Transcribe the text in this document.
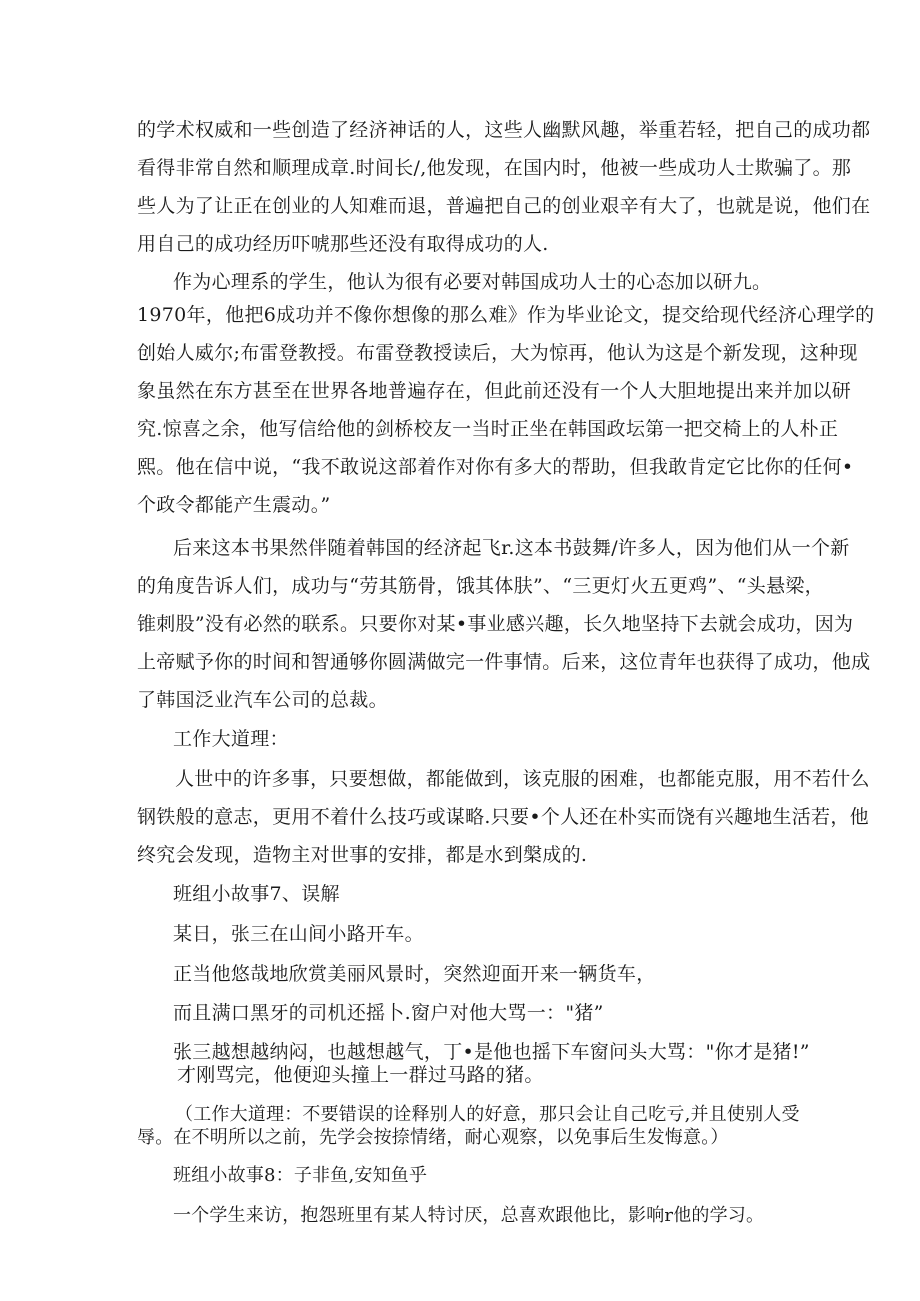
的学术权威和一些创造了经济神话的人，这些人幽默风趣，举重若轻，把自己的成功都
看得非常自然和顺理成章.时间长/,他发现，在国内时，他被一些成功人士欺骗了。那
些人为了让正在创业的人知难而退，普遍把自己的创业艰辛有大了，也就是说，他们在
用自己的成功经历吓唬那些还没有取得成功的人.
作为心理系的学生，他认为很有必要对韩国成功人士的心态加以研九。
1970年，他把6成功并不像你想像的那么难》作为毕业论文，提交给现代经济心理学的
创始人威尔;布雷登教授。布雷登教授读后，大为惊再，他认为这是个新发现，这种现
象虽然在东方甚至在世界各地普遍存在，但此前还没有一个人大胆地提出来并加以研
究.惊喜之余，他写信给他的剑桥校友一当时正坐在韩国政坛第一把交椅上的人朴正
熙。他在信中说，“我不敢说这部着作对你有多大的帮助，但我敢肯定它比你的任何•
个政令都能产生震动。”
后来这本书果然伴随着韩国的经济起飞r.这本书鼓舞/许多人，因为他们从一个新
的角度告诉人们，成功与“劳其筋骨，饿其体肤”、“三更灯火五更鸡”、“头悬梁，
锥刺股”没有必然的联系。只要你对某•事业感兴趣，长久地坚持下去就会成功，因为
上帝赋予你的时间和智通够你圆满做完一件事情。后来，这位青年也获得了成功，他成
了韩国泛业汽车公司的总裁。
工作大道理：
人世中的许多事，只要想做，都能做到，该克服的困难，也都能克服，用不若什么
钢铁般的意志，更用不着什么技巧或谋略.只要•个人还在朴实而饶有兴趣地生活若，他
终究会发现，造物主对世事的安排，都是水到槃成的.
班组小故事7、误解
某日，张三在山间小路开车。
正当他悠哉地欣赏美丽风景时，突然迎面开来一辆货车，
而且满口黑牙的司机还摇卜.窗户对他大骂一："猪”
张三越想越纳闷，也越想越气，丁•是他也摇下车窗问头大骂："你才是猪!”
才刚骂完，他便迎头撞上一群过马路的猪。
（工作大道理：不要错误的诠释别人的好意，那只会让自己吃亏,并且使别人受
辱。在不明所以之前，先学会按捺情绪，耐心观察，以免事后生发悔意。）
班组小故事8：子非鱼,安知鱼乎
一个学生来访，抱怨班里有某人特讨厌，总喜欢跟他比，影响r他的学习。
